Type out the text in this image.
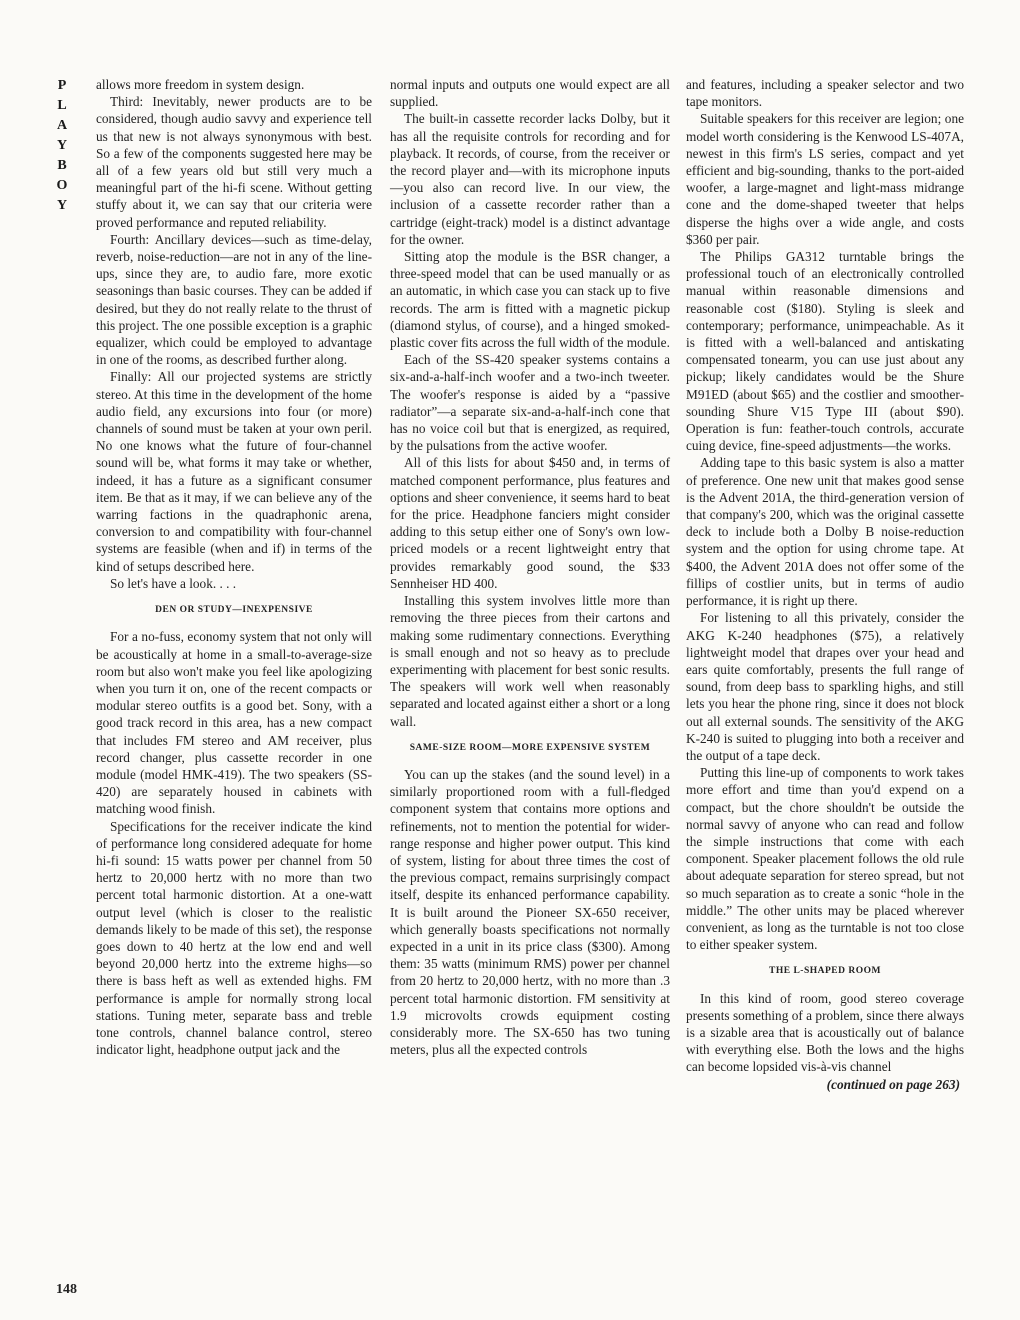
P
L
A
Y
B
O
Y
148

allows more freedom in system design.

Third: Inevitably, newer products are to be considered, though audio savvy and experience tell us that new is not always synonymous with best. So a few of the components suggested here may be all of a few years old but still very much a meaningful part of the hi-fi scene. Without getting stuffy about it, we can say that our criteria were proved performance and reputed reliability.

Fourth: Ancillary devices—such as time-delay, reverb, noise-reduction—are not in any of the line-ups, since they are, to audio fare, more exotic seasonings than basic courses. They can be added if desired, but they do not really relate to the thrust of this project. The one possible exception is a graphic equalizer, which could be employed to advantage in one of the rooms, as described further along.

Finally: All our projected systems are strictly stereo. At this time in the development of the home audio field, any excursions into four (or more) channels of sound must be taken at your own peril. No one knows what the future of four-channel sound will be, what forms it may take or whether, indeed, it has a future as a significant consumer item. Be that as it may, if we can believe any of the warring factions in the quadraphonic arena, conversion to and compatibility with four-channel systems are feasible (when and if) in terms of the kind of setups described here.

So let's have a look. . . .

DEN OR STUDY—INEXPENSIVE

For a no-fuss, economy system that not only will be acoustically at home in a small-to-average-size room but also won't make you feel like apologizing when you turn it on, one of the recent compacts or modular stereo outfits is a good bet. Sony, with a good track record in this area, has a new compact that includes FM stereo and AM receiver, plus record changer, plus cassette recorder in one module (model HMK-419). The two speakers (SS-420) are separately housed in cabinets with matching wood finish.

Specifications for the receiver indicate the kind of performance long considered adequate for home hi-fi sound: 15 watts power per channel from 50 hertz to 20,000 hertz with no more than two percent total harmonic distortion. At a one-watt output level (which is closer to the realistic demands likely to be made of this set), the response goes down to 40 hertz at the low end and well beyond 20,000 hertz into the extreme highs—so there is bass heft as well as extended highs. FM performance is ample for normally strong local stations. Tuning meter, separate bass and treble tone controls, channel balance control, stereo indicator light, headphone output jack and the

normal inputs and outputs one would expect are all supplied.

The built-in cassette recorder lacks Dolby, but it has all the requisite controls for recording and for playback. It records, of course, from the receiver or the record player and—with its microphone inputs—you also can record live. In our view, the inclusion of a cassette recorder rather than a cartridge (eight-track) model is a distinct advantage for the owner.

Sitting atop the module is the BSR changer, a three-speed model that can be used manually or as an automatic, in which case you can stack up to five records. The arm is fitted with a magnetic pickup (diamond stylus, of course), and a hinged smoked-plastic cover fits across the full width of the module.

Each of the SS-420 speaker systems contains a six-and-a-half-inch woofer and a two-inch tweeter. The woofer's response is aided by a “passive radiator”—a separate six-and-a-half-inch cone that has no voice coil but that is energized, as required, by the pulsations from the active woofer.

All of this lists for about $450 and, in terms of matched component performance, plus features and options and sheer convenience, it seems hard to beat for the price. Headphone fanciers might consider adding to this setup either one of Sony's own low-priced models or a recent lightweight entry that provides remarkably good sound, the $33 Sennheiser HD 400.

Installing this system involves little more than removing the three pieces from their cartons and making some rudimentary connections. Everything is small enough and not so heavy as to preclude experimenting with placement for best sonic results. The speakers will work well when reasonably separated and located against either a short or a long wall.

SAME-SIZE ROOM—MORE EXPENSIVE SYSTEM

You can up the stakes (and the sound level) in a similarly proportioned room with a full-fledged component system that contains more options and refinements, not to mention the potential for wider-range response and higher power output. This kind of system, listing for about three times the cost of the previous compact, remains surprisingly compact itself, despite its enhanced performance capability. It is built around the Pioneer SX-650 receiver, which generally boasts specifications not normally expected in a unit in its price class ($300). Among them: 35 watts (minimum RMS) power per channel from 20 hertz to 20,000 hertz, with no more than .3 percent total harmonic distortion. FM sensitivity at 1.9 microvolts crowds equipment costing considerably more. The SX-650 has two tuning meters, plus all the expected controls

and features, including a speaker selector and two tape monitors.

Suitable speakers for this receiver are legion; one model worth considering is the Kenwood LS-407A, newest in this firm's LS series, compact and yet efficient and big-sounding, thanks to the port-aided woofer, a large-magnet and light-mass midrange cone and the dome-shaped tweeter that helps disperse the highs over a wide angle, and costs $360 per pair.

The Philips GA312 turntable brings the professional touch of an electronically controlled manual within reasonable dimensions and reasonable cost ($180). Styling is sleek and contemporary; performance, unimpeachable. As it is fitted with a well-balanced and antiskating compensated tonearm, you can use just about any pickup; likely candidates would be the Shure M91ED (about $65) and the costlier and smoother-sounding Shure V15 Type III (about $90). Operation is fun: feather-touch controls, accurate cuing device, fine-speed adjustments—the works.

Adding tape to this basic system is also a matter of preference. One new unit that makes good sense is the Advent 201A, the third-generation version of that company's 200, which was the original cassette deck to include both a Dolby B noise-reduction system and the option for using chrome tape. At $400, the Advent 201A does not offer some of the fillips of costlier units, but in terms of audio performance, it is right up there.

For listening to all this privately, consider the AKG K-240 headphones ($75), a relatively lightweight model that drapes over your head and ears quite comfortably, presents the full range of sound, from deep bass to sparkling highs, and still lets you hear the phone ring, since it does not block out all external sounds. The sensitivity of the AKG K-240 is suited to plugging into both a receiver and the output of a tape deck.

Putting this line-up of components to work takes more effort and time than you'd expend on a compact, but the chore shouldn't be outside the normal savvy of anyone who can read and follow the simple instructions that come with each component. Speaker placement follows the old rule about adequate separation for stereo spread, but not so much separation as to create a sonic “hole in the middle.” The other units may be placed wherever convenient, as long as the turntable is not too close to either speaker system.

THE L-SHAPED ROOM

In this kind of room, good stereo coverage presents something of a problem, since there always is a sizable area that is acoustically out of balance with everything else. Both the lows and the highs can become lopsided vis-à-vis channel

(continued on page 263)
